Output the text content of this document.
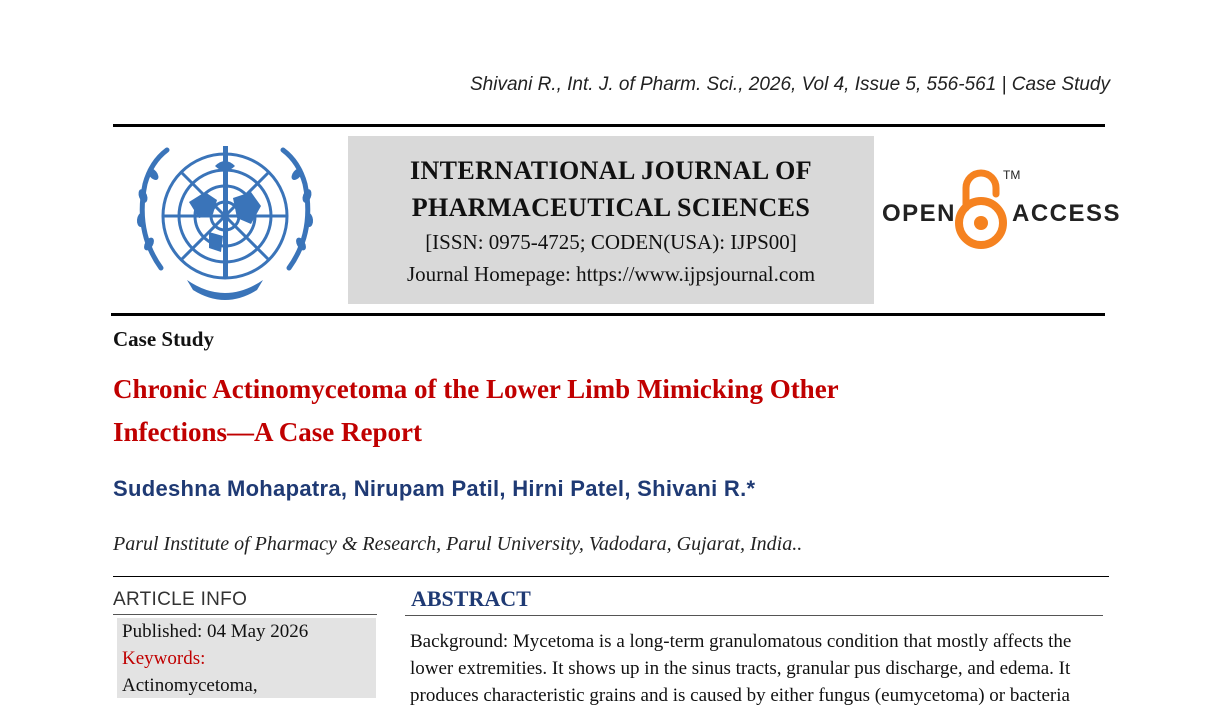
Shivani R., Int. J. of Pharm. Sci., 2026, Vol 4, Issue 5, 556-561 | Case Study
INTERNATIONAL JOURNAL OF
PHARMACEUTICAL SCIENCES
[ISSN: 0975-4725; CODEN(USA): IJPS00]
Journal Homepage: https://www.ijpsjournal.com
OPEN
TM
ACCESS
Case Study
Chronic Actinomycetoma of the Lower Limb Mimicking Other
Infections—A Case Report
Sudeshna Mohapatra, Nirupam Patil, Hirni Patel, Shivani R.*
Parul Institute of Pharmacy & Research, Parul University, Vadodara, Gujarat, India..
ARTICLE INFO
Published: 04 May 2026
Keywords:
Actinomycetoma,
ABSTRACT
Background: Mycetoma is a long-term granulomatous condition that mostly affects the
lower extremities. It shows up in the sinus tracts, granular pus discharge, and edema. It
produces characteristic grains and is caused by either fungus (eumycetoma) or bacteria
